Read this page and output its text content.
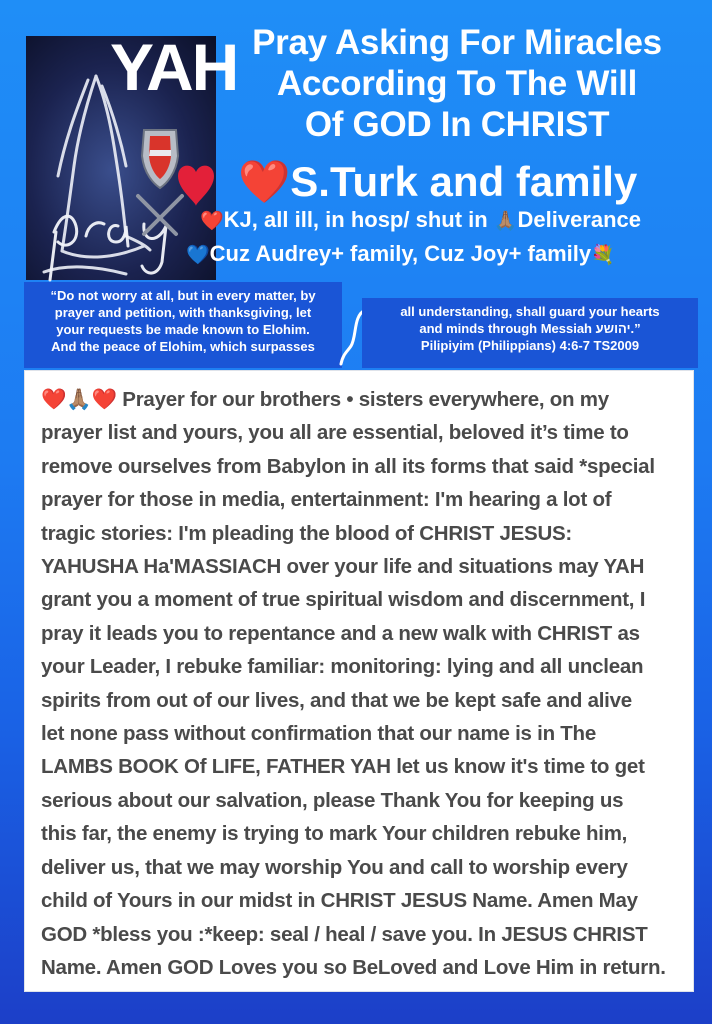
YAH Pray Asking For Miracles
According To The Will
Of GOD In CHRIST
❤️S.Turk and family
❤️KJ, all ill, in hosp/ shut in 🙏🏽Deliverance
💙Cuz Audrey+ family, Cuz Joy+ family💐
“Do not worry at all, but in every matter, by
prayer and petition, with thanksgiving, let
your requests be made known to Elohim.
And the peace of Elohim, which surpasses
all understanding, shall guard your hearts
and minds through Messiah יהושע.”
Pilipiyim (Philippians) 4:6-7 TS2009
❤️🙏🏽❤️ Prayer for our brothers • sisters everywhere, on my
prayer list and yours, you all are essential, beloved it’s time to
remove ourselves from Babylon in all its forms that said *special
prayer for those in media, entertainment: I'm hearing a lot of
tragic stories: I'm pleading the blood of CHRIST JESUS:
YAHUSHA Ha'MASSIACH over your life and situations may YAH
grant you a moment of true spiritual wisdom and discernment, I
pray it leads you to repentance and a new walk with CHRIST as
your Leader, I rebuke familiar: monitoring: lying and all unclean
spirits from out of our lives, and that we be kept safe and alive
let none pass without confirmation that our name is in The
LAMBS BOOK Of LIFE, FATHER YAH let us know it's time to get
serious about our salvation, please Thank You for keeping us
this far, the enemy is trying to mark Your children rebuke him,
deliver us, that we may worship You and call to worship every
child of Yours in our midst in CHRIST JESUS Name. Amen May
GOD *bless you :*keep: seal / heal / save you. In JESUS CHRIST
Name. Amen GOD Loves you so BeLoved and Love Him in return.
